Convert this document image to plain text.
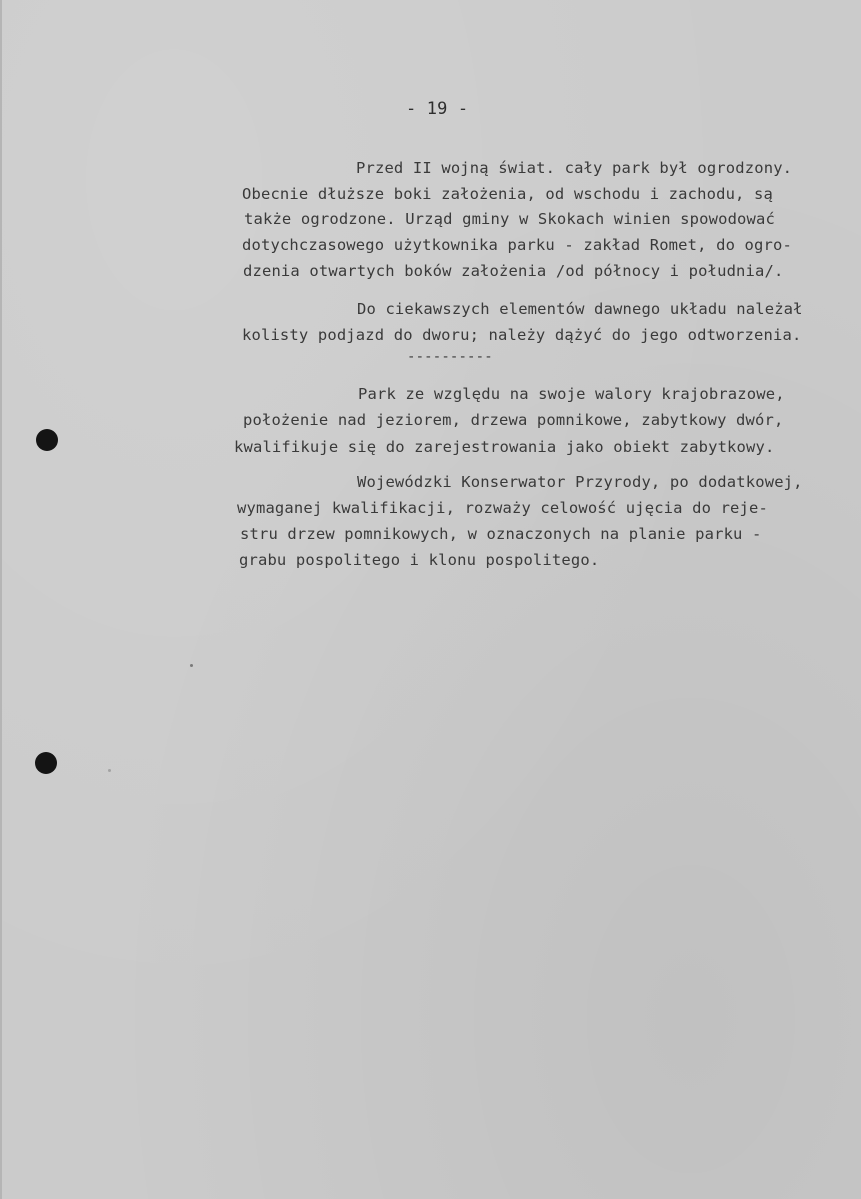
- 19 -
Przed II wojną świat. cały park był ogrodzony.
Obecnie dłuższe boki założenia, od wschodu i zachodu, są
także ogrodzone. Urząd gminy w Skokach winien spowodować
dotychczasowego użytkownika parku - zakład Romet, do ogro-
dzenia otwartych boków założenia /od północy i południa/.
Do ciekawszych elementów dawnego układu należał
kolisty podjazd do dworu; należy dążyć do jego odtworzenia.
----------
Park ze względu na swoje walory krajobrazowe,
położenie nad jeziorem, drzewa pomnikowe, zabytkowy dwór,
kwalifikuje się do zarejestrowania jako obiekt zabytkowy.
Wojewódzki Konserwator Przyrody, po dodatkowej,
wymaganej kwalifikacji, rozważy celowość ujęcia do reje-
stru drzew pomnikowych, w oznaczonych na planie parku -
grabu pospolitego i klonu pospolitego.
